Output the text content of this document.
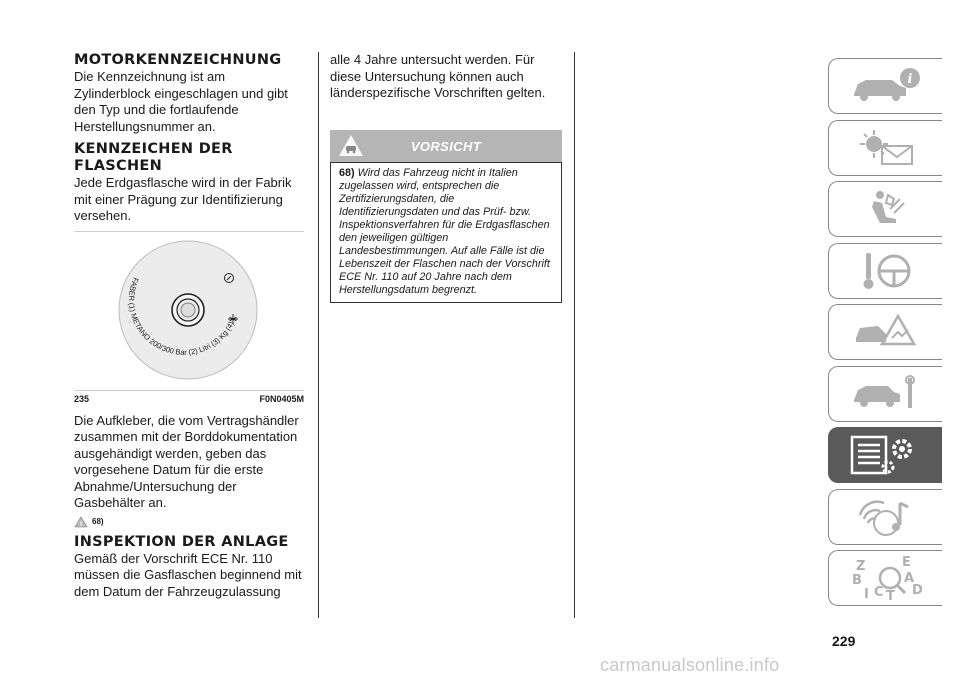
MOTORKENNZEICHNUNG

Die Kennzeichnung ist am Zylinderblock eingeschlagen und gibt den Typ und die fortlaufende Herstellungsnummer an.

KENNZEICHEN DER FLASCHEN

Jede Erdgasflasche wird in der Fabrik mit einer Prägung zur Identifizierung versehen.

FABER (1) METANO 200/300 Bar (2) Litri (3) Kg (4)
235	F0N0405M

Die Aufkleber, die vom Vertragshändler zusammen mit der Borddokumentation ausgehändigt werden, geben das vorgesehene Datum für die erste Abnahme/Untersuchung der Gasbehälter an.

! 68)
INSPEKTION DER ANLAGE

Gemäß der Vorschrift ECE Nr. 110 müssen die Gasflaschen beginnend mit dem Datum der Fahrzeugzulassung

alle 4 Jahre untersucht werden. Für diese Untersuchung können auch länderspezifische Vorschriften gelten.

VORSICHT
68) Wird das Fahrzeug nicht in Italien zugelassen wird, entsprechen die Zertifizierungsdaten, die Identifizierungsdaten und das Prüf- bzw. Inspektionsverfahren für die Erdgasflaschen den jeweiligen gültigen Landesbestimmungen. Auf alle Fälle ist die Lebenszeit der Flaschen nach der Vorschrift ECE Nr. 110 auf 20 Jahre nach dem Herstellungsdatum begrenzt.
i
Z	E
B	A
I C T D
229
carmanualsonline.info
